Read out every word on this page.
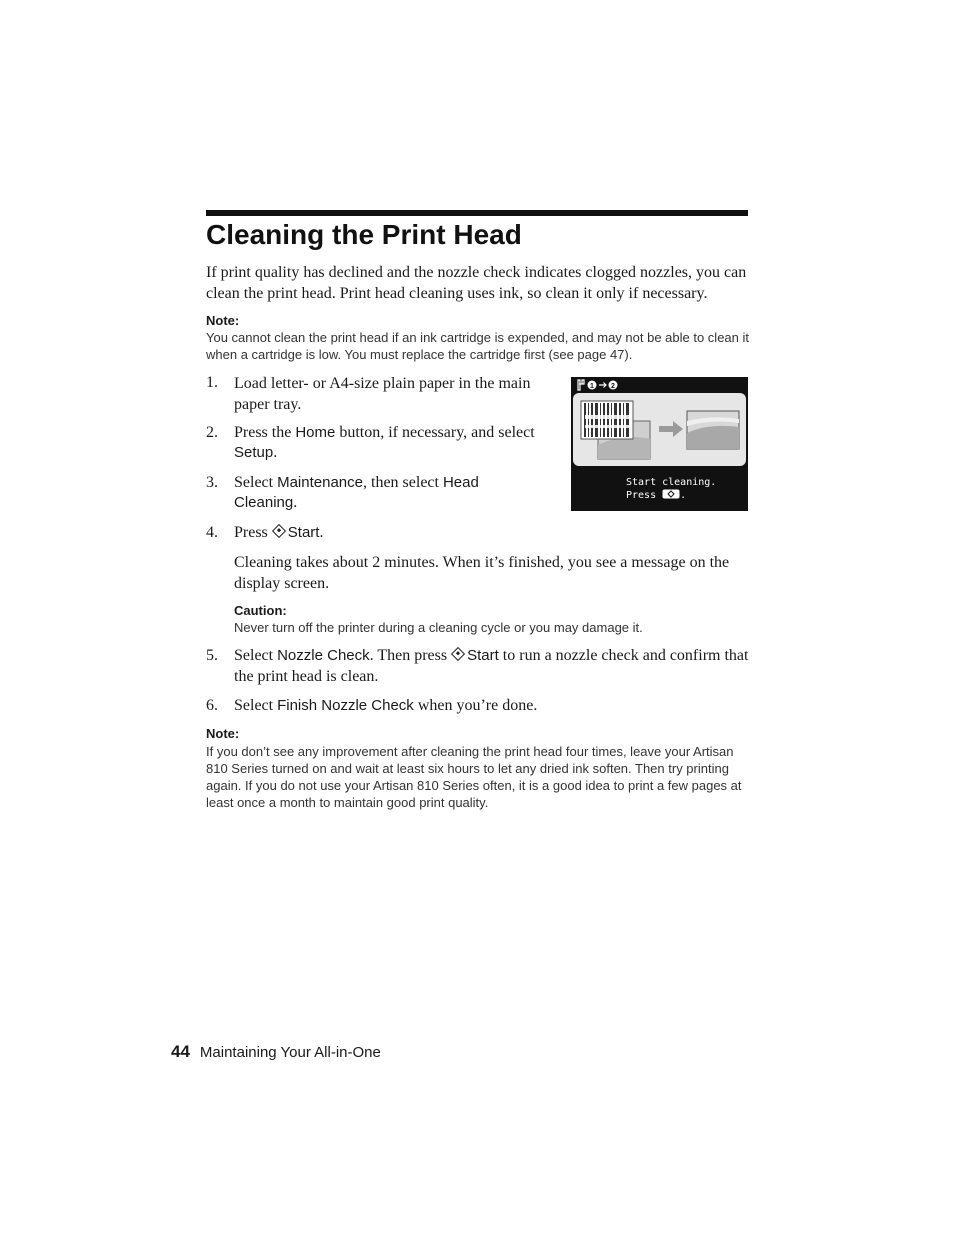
Cleaning the Print Head

If print quality has declined and the nozzle check indicates clogged nozzles, you can clean the print head. Print head cleaning uses ink, so clean it only if necessary.

Note:

You cannot clean the print head if an ink cartridge is expended, and may not be able to clean it when a cartridge is low. You must replace the cartridge first (see page 47).

1. Load letter- or A4-size plain paper in the main paper tray.

2. Press the Home button, if necessary, and select
Setup.

3. Select Maintenance, then select Head Cleaning.

1 2
Start cleaning.
Press .
4. Press Start.

Cleaning takes about 2 minutes. When it’s finished, you see a message on the display screen.

Caution:

Never turn off the printer during a cleaning cycle or you may damage it.

5. Select Nozzle Check. Then press Start to run a nozzle check and confirm that the print head is clean.

6. Select Finish Nozzle Check when you’re done.

Note:

If you don’t see any improvement after cleaning the print head four times, leave your Artisan 810 Series turned on and wait at least six hours to let any dried ink soften. Then try printing again. If you do not use your Artisan 810 Series often, it is a good idea to print a few pages at least once a month to maintain good print quality.

44 Maintaining Your All-in-One
